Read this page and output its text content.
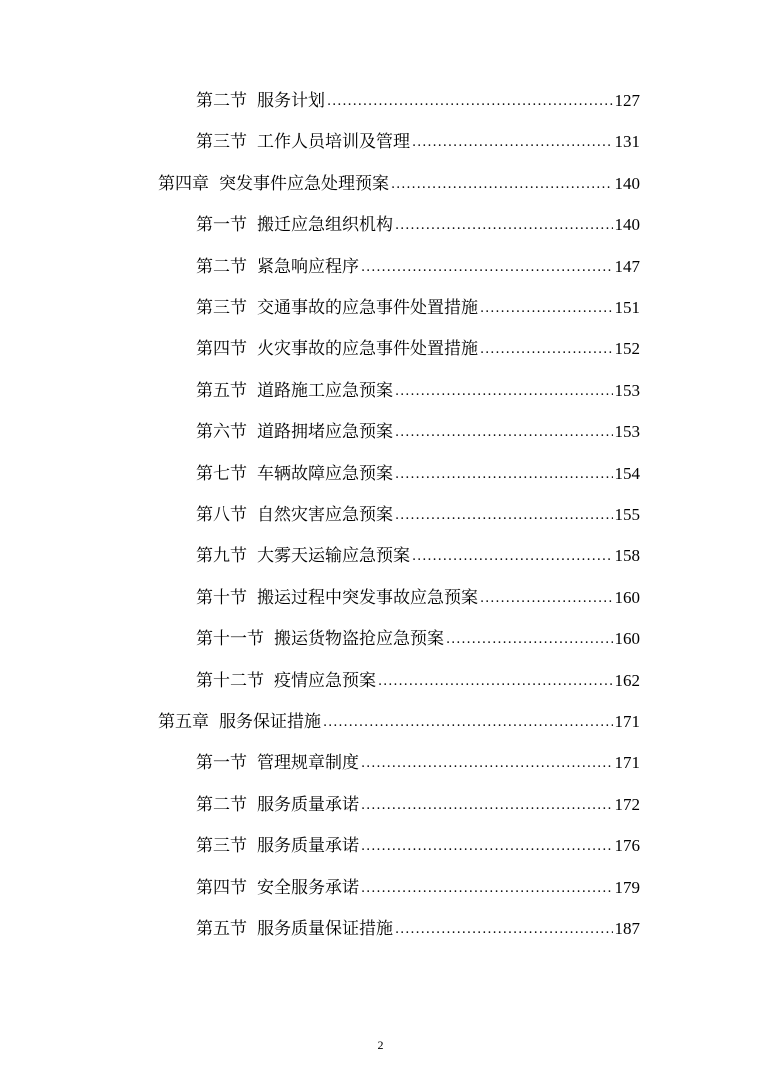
第二节 服务计划 .....	127
第三节 工作人员培训及管理 .....	131
第四章 突发事件应急处理预案 .....	140
第一节 搬迁应急组织机构 .....	140
第二节 紧急响应程序 .....	147
第三节 交通事故的应急事件处置措施 .....	151
第四节 火灾事故的应急事件处置措施 .....	152
第五节 道路施工应急预案 .....	153
第六节 道路拥堵应急预案 .....	153
第七节 车辆故障应急预案 .....	154
第八节 自然灾害应急预案 .....	155
第九节 大雾天运输应急预案 .....	158
第十节 搬运过程中突发事故应急预案 .....	160
第十一节 搬运货物盗抢应急预案 .....	160
第十二节 疫情应急预案 .....	162
第五章 服务保证措施 .....	171
第一节 管理规章制度 .....	171
第二节 服务质量承诺 .....	172
第三节 服务质量承诺 .....	176
第四节 安全服务承诺 .....	179
第五节 服务质量保证措施 .....	187
2
